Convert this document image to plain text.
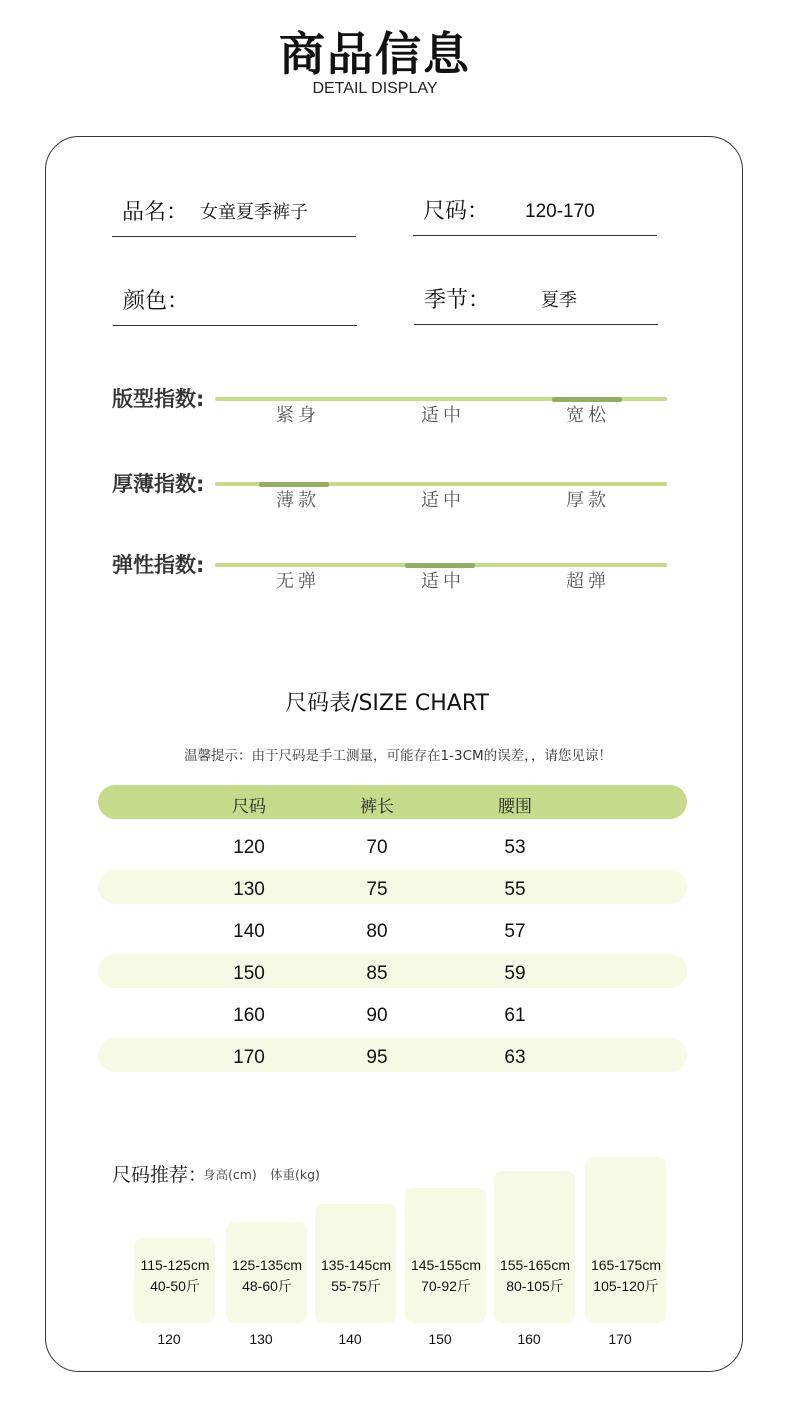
商品信息
DETAIL DISPLAY
品名： 女童夏季裤子	尺码： 120-170
颜色：	季节：	夏季
版型指数:
紧身	适中	宽松
厚薄指数:
薄款	适中	厚款
弹性指数:
无弹	适中	超弹
尺码表/SIZE CHART
温馨提示：由于尺码是手工测量，可能存在1-3CM的误差，，请您见谅！
尺码	裤长	腰围
120	70	53
130	75	55
140	80	57
150	85	59
160	90	61
170	95	63
尺码推荐：
身高(cm) 体重(kg)
115-125cm
40-50斤
120
125-135cm
48-60斤
130
135-145cm
55-75斤
140
145-155cm
70-92斤
150
155-165cm
80-105斤
160
165-175cm
105-120斤
170
